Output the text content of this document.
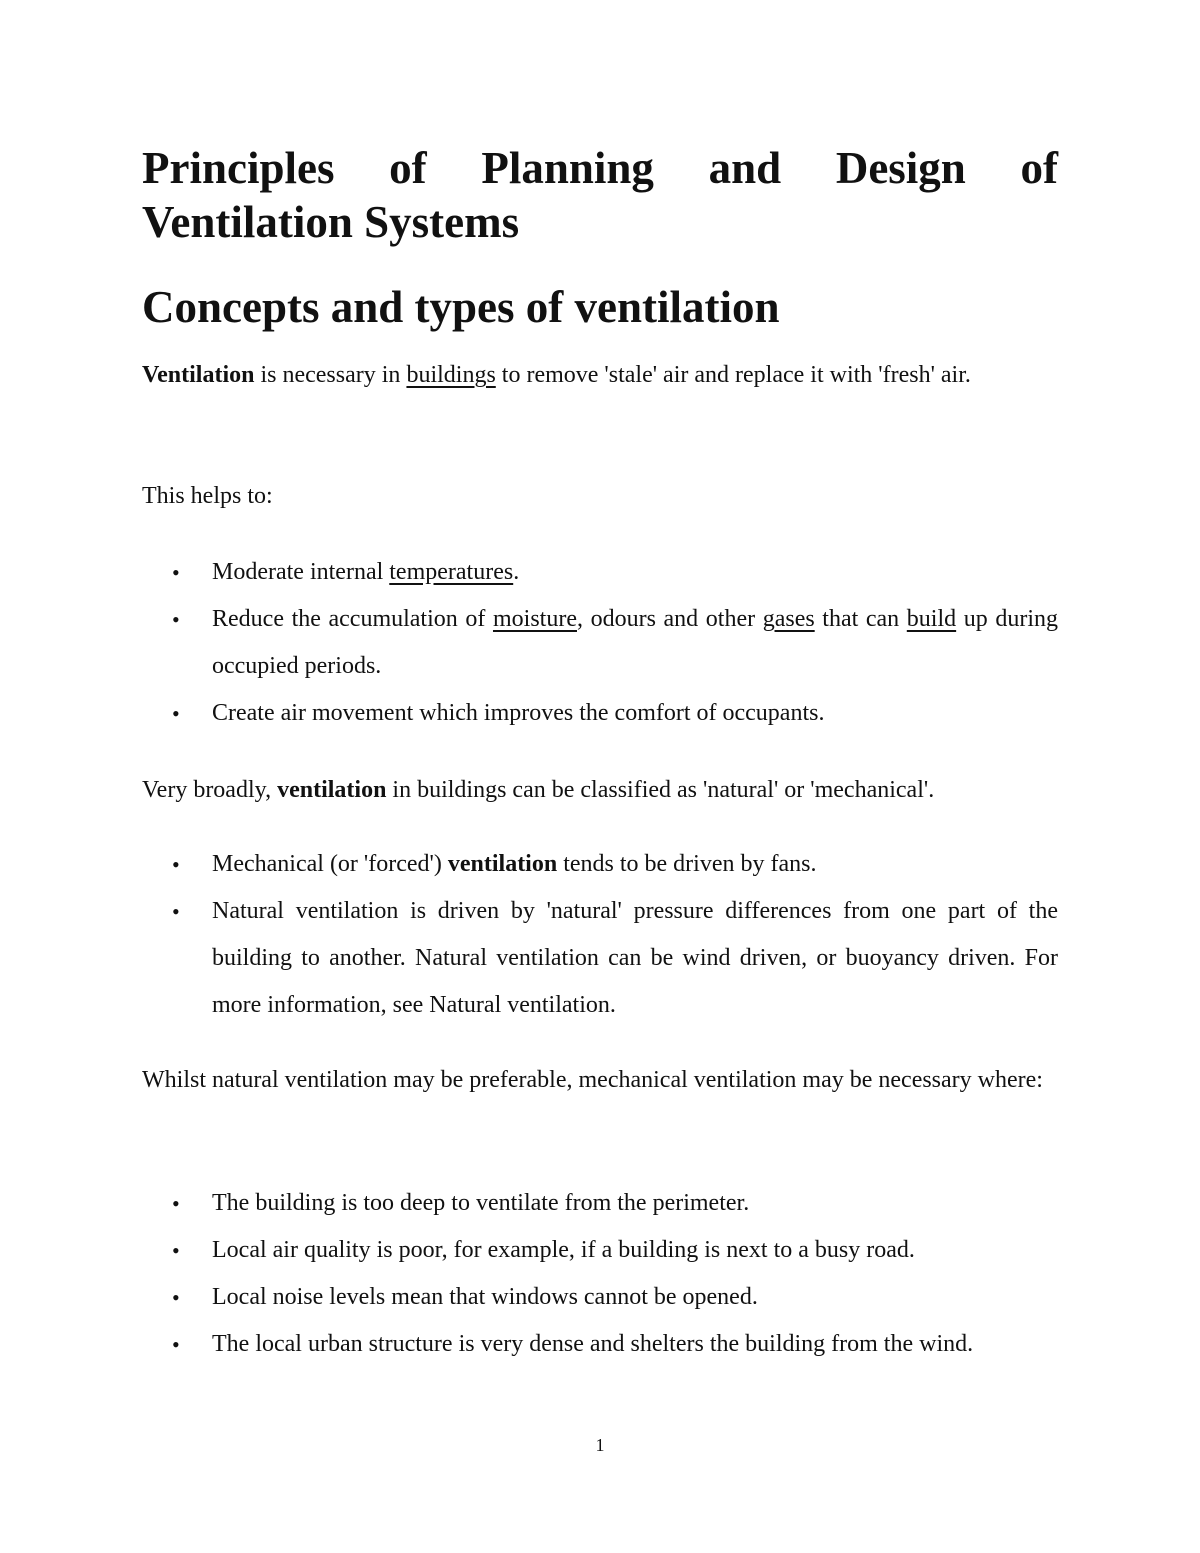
Principles of Planning and Design of Ventilation Systems
Concepts and types of ventilation

Ventilation is necessary in buildings to remove 'stale' air and replace it with 'fresh' air.

This helps to:

• Moderate internal temperatures.
• Reduce the accumulation of moisture, odours and other gases that can build up during occupied periods.
• Create air movement which improves the comfort of occupants.

Very broadly, ventilation in buildings can be classified as 'natural' or 'mechanical'.

• Mechanical (or 'forced') ventilation tends to be driven by fans.
• Natural ventilation is driven by 'natural' pressure differences from one part of the building to another. Natural ventilation can be wind driven, or buoyancy driven. For more information, see Natural ventilation.

Whilst natural ventilation may be preferable, mechanical ventilation may be necessary where:

• The building is too deep to ventilate from the perimeter.
• Local air quality is poor, for example, if a building is next to a busy road.
• Local noise levels mean that windows cannot be opened.
• The local urban structure is very dense and shelters the building from the wind.
1
